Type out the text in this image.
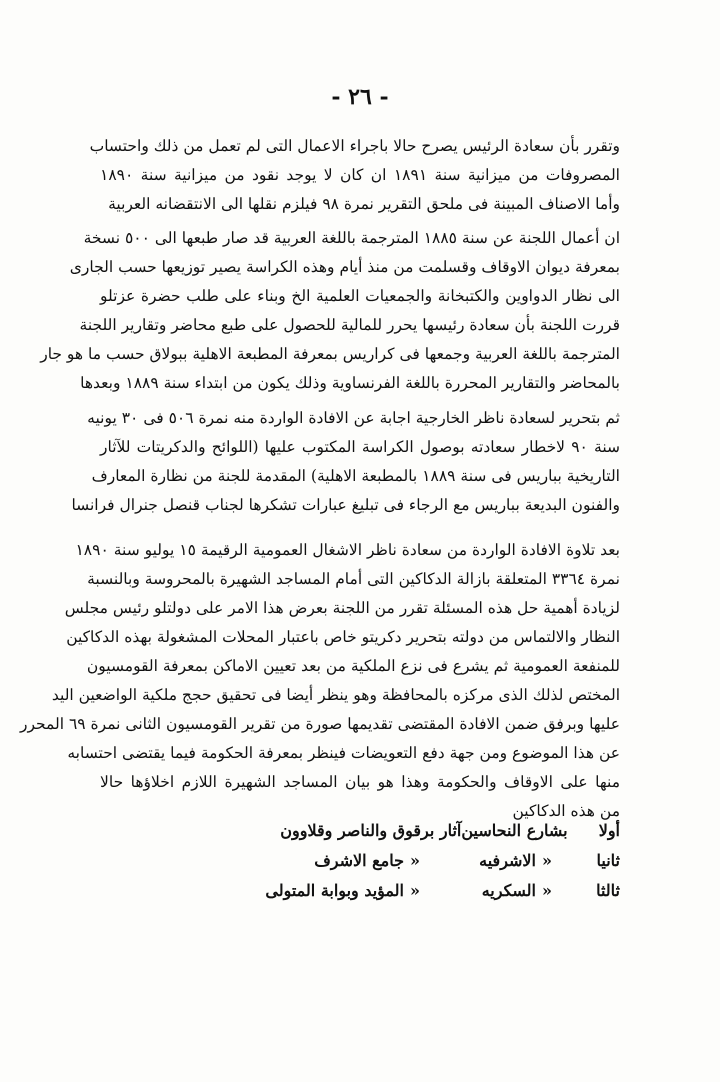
- ٢٦ -
وتقرر بأن سعادة الرئيس يصرح حالا باجراء الاعمال التى لم تعمل من ذلك واحتساب
المصروفات من ميزانية سنة ١٨٩١ ان كان لا يوجد نقود من ميزانية سنة ١٨٩٠
وأما الاصناف المبينة فى ملحق التقرير نمرة ٩٨ فيلزم نقلها الى الانتقضانه العربية
ان أعمال اللجنة عن سنة ١٨٨٥ المترجمة باللغة العربية قد صار طبعها الى ٥٠٠ نسخة
بمعرفة ديوان الاوقاف وقسلمت من منذ أيام وهذه الكراسة يصير توزيعها حسب الجارى
الى نظار الدواوين والكتبخانة والجمعيات العلمية الخ وبناء على طلب حضرة عزتلو
قررت اللجنة بأن سعادة رئيسها يحرر للمالية للحصول على طبع محاضر وتقارير اللجنة
المترجمة باللغة العربية وجمعها فى كراريس بمعرفة المطبعة الاهلية ببولاق حسب ما هو جار
بالمحاضر والتقارير المحررة باللغة الفرنساوية وذلك يكون من ابتداء سنة ١٨٨٩ وبعدها
ثم بتحرير لسعادة ناظر الخارجية اجابة عن الافادة الواردة منه نمرة ٥٠٦ فى ٣٠ يونيه
سنة ٩٠ لاخطار سعادته بوصول الكراسة المكتوب عليها (اللوائح والدكريتات للآثار
التاريخية بباريس فى سنة ١٨٨٩ بالمطبعة الاهلية) المقدمة للجنة من نظارة المعارف
والفنون البديعة بباريس مع الرجاء فى تبليغ عبارات تشكرها لجناب قنصل جنرال فرانسا
بعد تلاوة الافادة الواردة من سعادة ناظر الاشغال العمومية الرقيمة ١٥ يوليو سنة ١٨٩٠
نمرة ٣٣٦٤ المتعلقة بازالة الدكاكين التى أمام المساجد الشهيرة بالمحروسة وبالنسبة
لزيادة أهمية حل هذه المسئلة تقرر من اللجنة بعرض هذا الامر على دولتلو رئيس مجلس
النظار والالتماس من دولته بتحرير دكريتو خاص باعتبار المحلات المشغولة بهذه الدكاكين
للمنفعة العمومية ثم يشرع فى نزع الملكية من بعد تعيين الاماكن بمعرفة القومسيون
المختص لذلك الذى مركزه بالمحافظة وهو ينظر أيضا فى تحقيق حجج ملكية الواضعين اليد
عليها وبرفق ضمن الافادة المقتضى تقديمها صورة من تقرير القومسيون الثانى نمرة ٦٩ المحرر
عن هذا الموضوع ومن جهة دفع التعويضات فينظر بمعرفة الحكومة فيما يقتضى احتسابه
منها على الاوقاف والحكومة وهذا هو بيان المساجد الشهيرة اللازم اخلاؤها حالا
من هذه الدكاكين
أولا
بشارع النحاسين
آثار برقوق والناصر وقلاوون
ثانيا
«
الاشرفيه
«
جامع الاشرف
ثالثا
«
السكريه
«
المؤيد وبوابة المتولى
